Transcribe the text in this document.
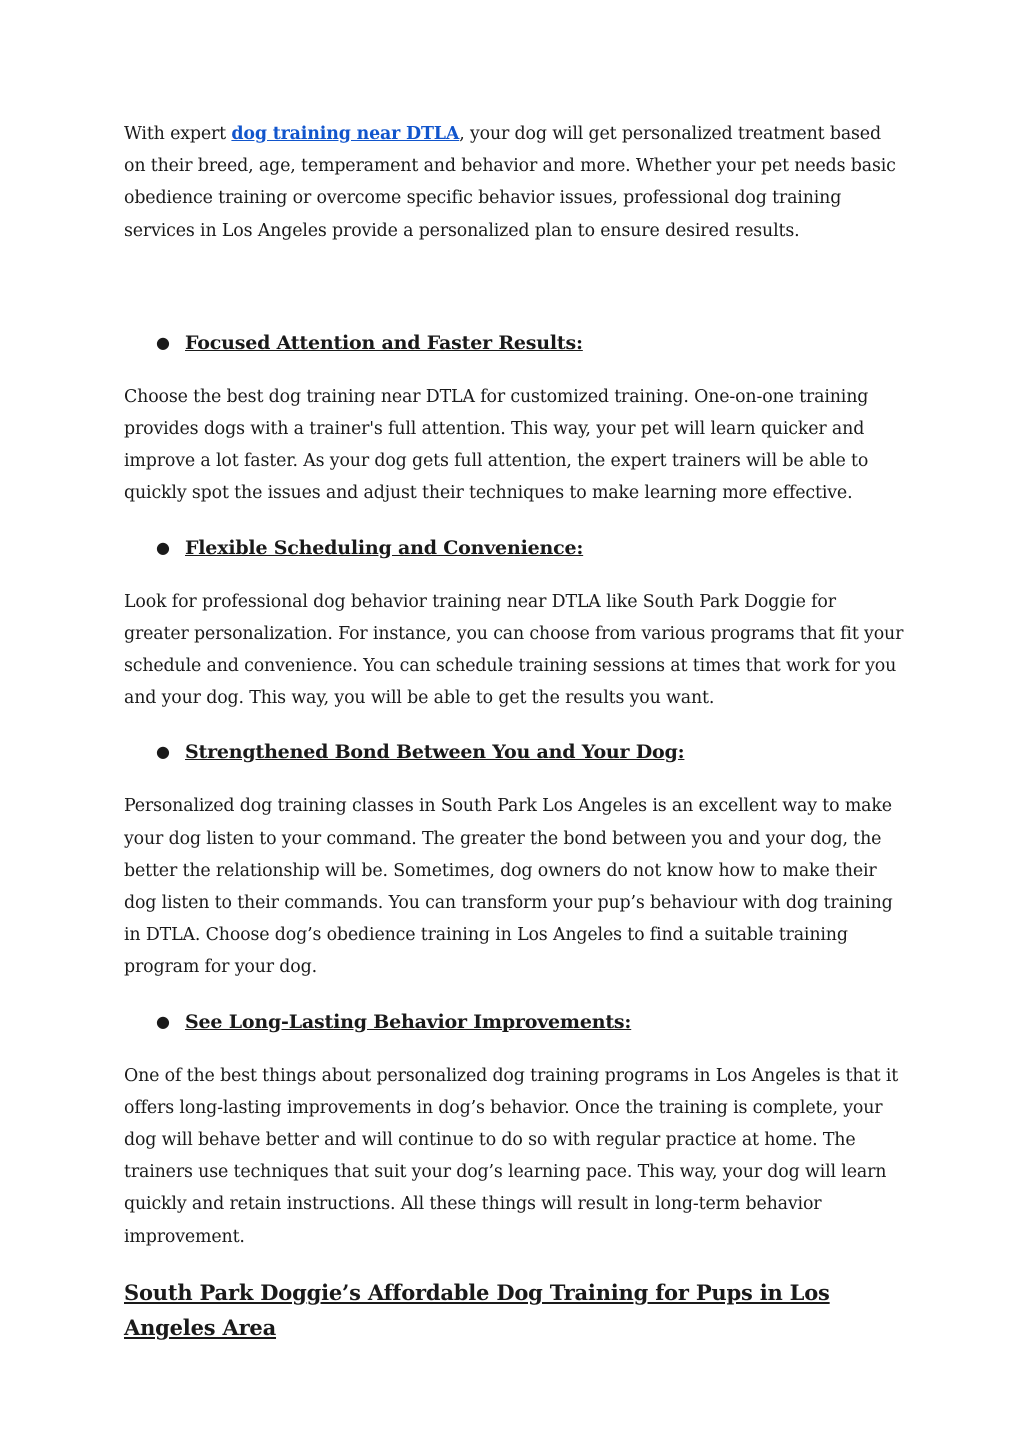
With expert dog training near DTLA, your dog will get personalized treatment based on their breed, age, temperament and behavior and more. Whether your pet needs basic obedience training or overcome specific behavior issues, professional dog training services in Los Angeles provide a personalized plan to ensure desired results.

● Focused Attention and Faster Results:

Choose the best dog training near DTLA for customized training. One-on-one training provides dogs with a trainer's full attention. This way, your pet will learn quicker and improve a lot faster. As your dog gets full attention, the expert trainers will be able to quickly spot the issues and adjust their techniques to make learning more effective.

● Flexible Scheduling and Convenience:

Look for professional dog behavior training near DTLA like South Park Doggie for greater personalization. For instance, you can choose from various programs that fit your schedule and convenience. You can schedule training sessions at times that work for you and your dog. This way, you will be able to get the results you want.

● Strengthened Bond Between You and Your Dog:

Personalized dog training classes in South Park Los Angeles is an excellent way to make your dog listen to your command. The greater the bond between you and your dog, the better the relationship will be. Sometimes, dog owners do not know how to make their dog listen to their commands. You can transform your pup’s behaviour with dog training in DTLA. Choose dog’s obedience training in Los Angeles to find a suitable training program for your dog.

● See Long-Lasting Behavior Improvements:

One of the best things about personalized dog training programs in Los Angeles is that it offers long-lasting improvements in dog’s behavior. Once the training is complete, your dog will behave better and will continue to do so with regular practice at home. The trainers use techniques that suit your dog’s learning pace. This way, your dog will learn quickly and retain instructions. All these things will result in long-term behavior improvement.

South Park Doggie’s Affordable Dog Training for Pups in Los Angeles Area
